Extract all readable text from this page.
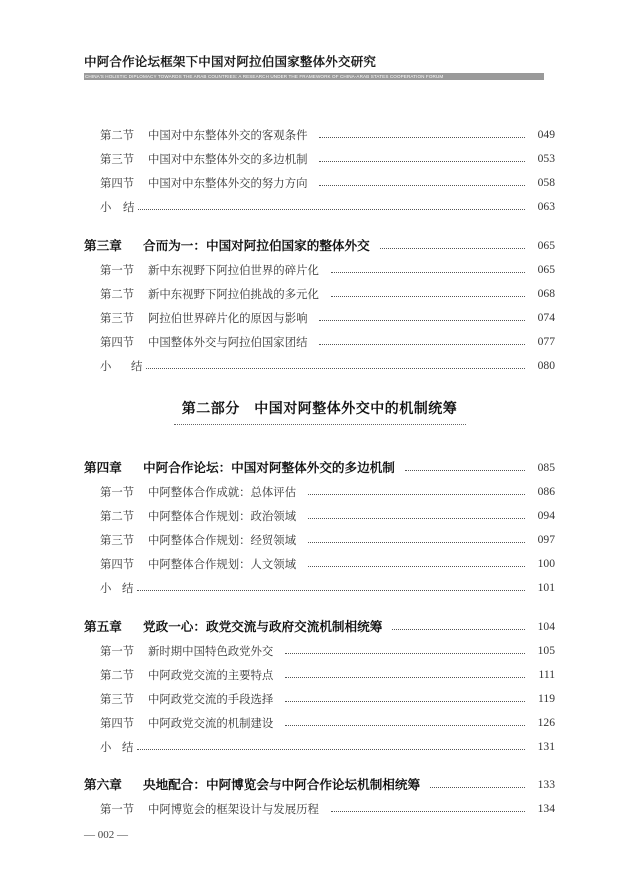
中阿合作论坛框架下中国对阿拉伯国家整体外交研究
CHINA'S HOLISTIC DIPLOMACY TOWARDS THE ARAB COUNTRIES: A RESEARCH UNDER THE FRAMEWORK OF CHINA-ARAB STATES COOPERATION FORUM
第二节 中国对中东整体外交的客观条件	049
第三节 中国对中东整体外交的多边机制	053
第四节 中国对中东整体外交的努力方向	058
小 结	063
第三章 合而为一：中国对阿拉伯国家的整体外交	065
第一节 新中东视野下阿拉伯世界的碎片化	065
第二节 新中东视野下阿拉伯挑战的多元化	068
第三节 阿拉伯世界碎片化的原因与影响	074
第四节 中国整体外交与阿拉伯国家团结	077
小 结	080
第四章 中阿合作论坛：中国对阿整体外交的多边机制	085
第一节 中阿整体合作成就：总体评估	086
第二节 中阿整体合作规划：政治领域	094
第三节 中阿整体合作规划：经贸领域	097
第四节 中阿整体合作规划：人文领域	100
小 结	101
第五章 党政一心：政党交流与政府交流机制相统筹	104
第一节 新时期中国特色政党外交	105
第二节 中阿政党交流的主要特点	111
第三节 中阿政党交流的手段选择	119
第四节 中阿政党交流的机制建设	126
小 结	131
第六章 央地配合：中阿博览会与中阿合作论坛机制相统筹	133
第一节 中阿博览会的框架设计与发展历程	134
第二部分　中国对阿整体外交中的机制统筹
— 002 —
